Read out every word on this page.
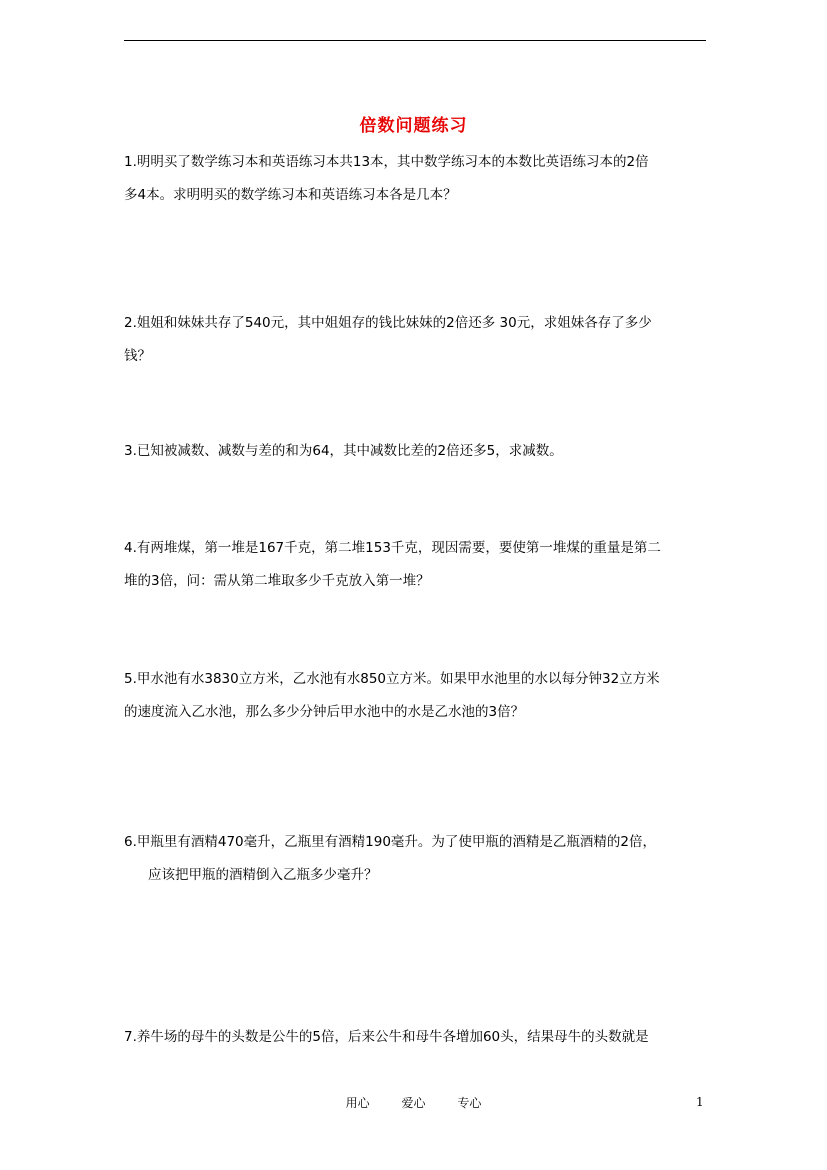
倍数问题练习
1.明明买了数学练习本和英语练习本共13本，其中数学练习本的本数比英语练习本的2倍
多4本。求明明买的数学练习本和英语练习本各是几本？
2.姐姐和妹妹共存了540元，其中姐姐存的钱比妹妹的2倍还多 30元，求姐妹各存了多少
钱？
3.已知被减数、减数与差的和为64，其中减数比差的2倍还多5，求减数。
4.有两堆煤，第一堆是167千克，第二堆153千克，现因需要，要使第一堆煤的重量是第二
堆的3倍，问：需从第二堆取多少千克放入第一堆？
5.甲水池有水3830立方米，乙水池有水850立方米。如果甲水池里的水以每分钟32立方米
的速度流入乙水池，那么多少分钟后甲水池中的水是乙水池的3倍？
6.甲瓶里有酒精470毫升，乙瓶里有酒精190毫升。为了使甲瓶的酒精是乙瓶酒精的2倍，
应该把甲瓶的酒精倒入乙瓶多少毫升？
7.养牛场的母牛的头数是公牛的5倍，后来公牛和母牛各增加60头，结果母牛的头数就是
用心	爱心	专心	1
